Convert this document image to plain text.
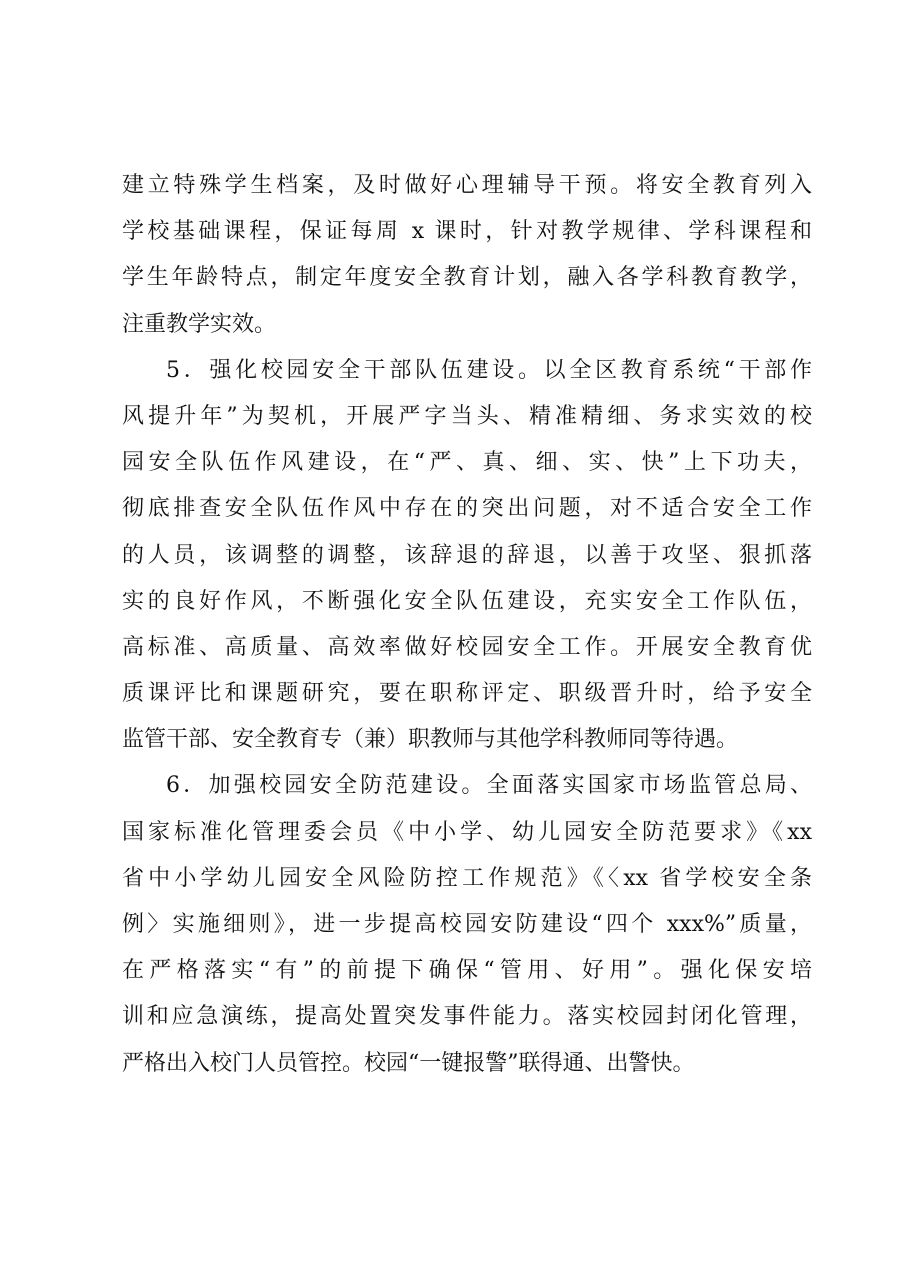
建立特殊学生档案，及时做好心理辅导干预。将安全教育列入
学校基础课程，保证每周 x 课时，针对教学规律、学科课程和
学生年龄特点，制定年度安全教育计划，融入各学科教育教学，
注重教学实效。
5．强化校园安全干部队伍建设。以全区教育系统“干部作
风提升年”为契机，开展严字当头、精准精细、务求实效的校
园安全队伍作风建设，在“严、真、细、实、快”上下功夫，
彻底排查安全队伍作风中存在的突出问题，对不适合安全工作
的人员，该调整的调整，该辞退的辞退，以善于攻坚、狠抓落
实的良好作风，不断强化安全队伍建设，充实安全工作队伍，
高标准、高质量、高效率做好校园安全工作。开展安全教育优
质课评比和课题研究，要在职称评定、职级晋升时，给予安全
监管干部、安全教育专（兼）职教师与其他学科教师同等待遇。
6．加强校园安全防范建设。全面落实国家市场监管总局、
国家标准化管理委会员《中小学、幼儿园安全防范要求》《xx
省中小学幼儿园安全风险防控工作规范》《〈xx 省学校安全条
例〉实施细则》，进一步提高校园安防建设“四个 xxx%”质量，
在严格落实“有”的前提下确保“管用、好用”。强化保安培
训和应急演练，提高处置突发事件能力。落实校园封闭化管理，
严格出入校门人员管控。校园“一键报警”联得通、出警快。
